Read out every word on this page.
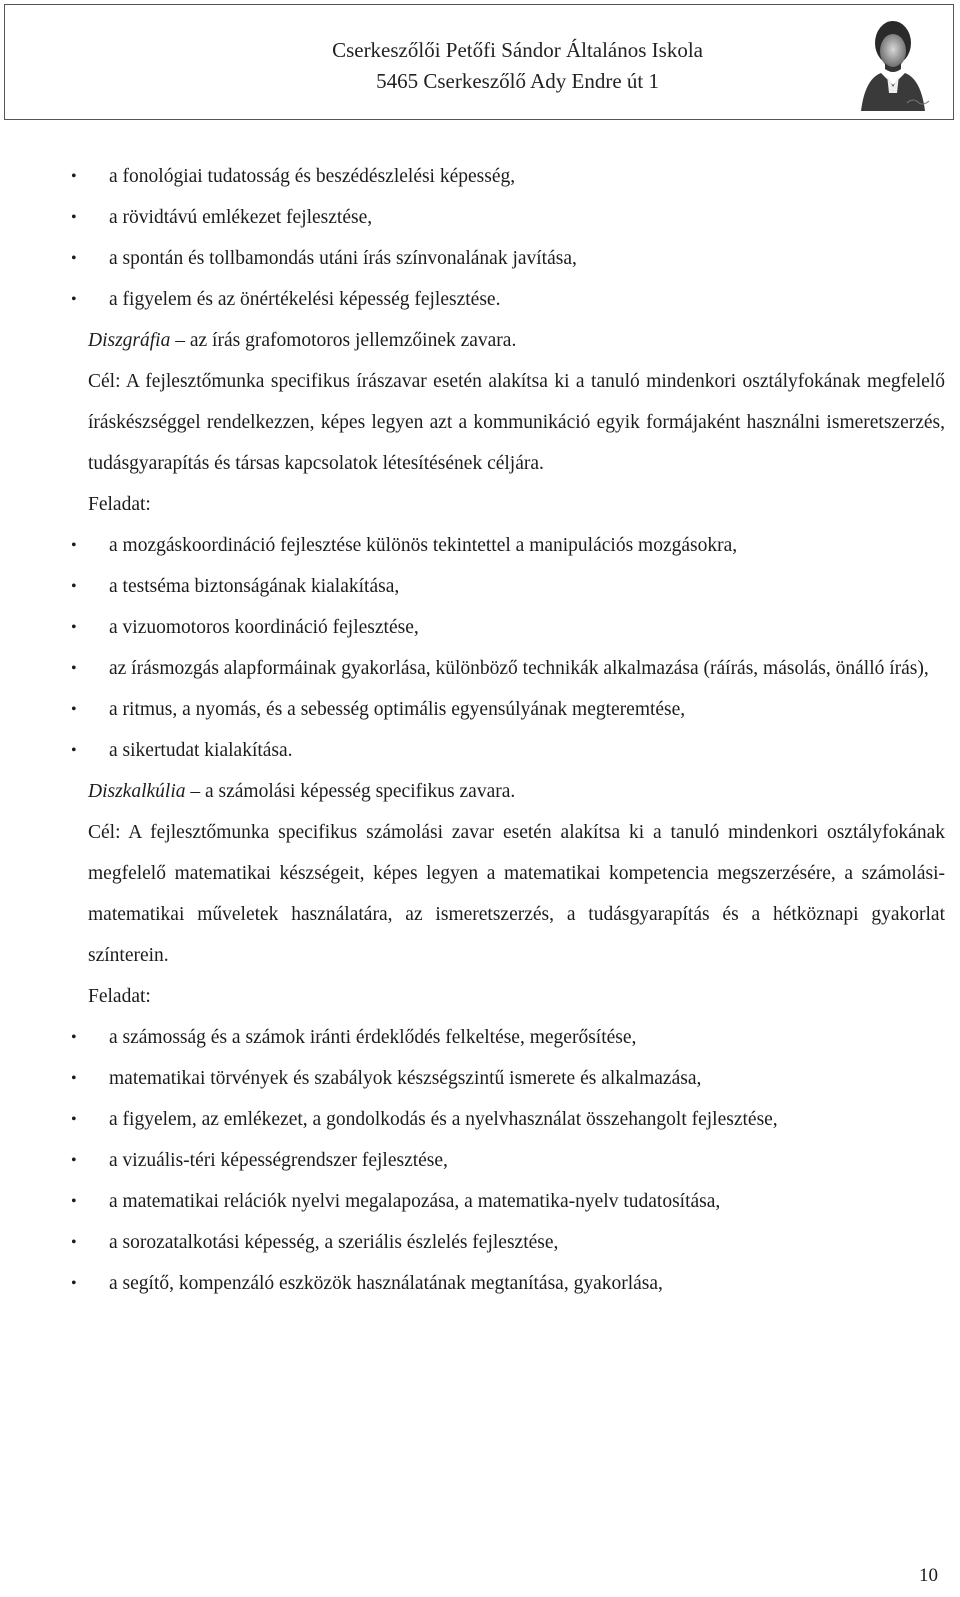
Cserkeszőlői Petőfi Sándor Általános Iskola
5465 Cserkeszőlő Ady Endre út 1
• a fonológiai tudatosság és beszédészlelési képesség,
• a rövidtávú emlékezet fejlesztése,
• a spontán és tollbamondás utáni írás színvonalának javítása,
• a figyelem és az önértékelési képesség fejlesztése.
Diszgráfia – az írás grafomotoros jellemzőinek zavara.
Cél: A fejlesztőmunka specifikus írászavar esetén alakítsa ki a tanuló mindenkori osztályfokának megfelelő íráskészséggel rendelkezzen, képes legyen azt a kommunikáció egyik formájaként használni ismeretszerzés, tudásgyarapítás és társas kapcsolatok létesítésének céljára.
Feladat:
• a mozgáskoordináció fejlesztése különös tekintettel a manipulációs mozgásokra,
• a testséma biztonságának kialakítása,
• a vizuomotoros koordináció fejlesztése,
• az írásmozgás alapformáinak gyakorlása, különböző technikák alkalmazása (ráírás, másolás, önálló írás),
• a ritmus, a nyomás, és a sebesség optimális egyensúlyának megteremtése,
• a sikertudat kialakítása.
Diszkalkúlia – a számolási képesség specifikus zavara.
Cél: A fejlesztőmunka specifikus számolási zavar esetén alakítsa ki a tanuló mindenkori osztályfokának megfelelő matematikai készségeit, képes legyen a matematikai kompetencia megszerzésére, a számolási-matematikai műveletek használatára, az ismeretszerzés, a tudásgyarapítás és a hétköznapi gyakorlat színterein.
Feladat:
• a számosság és a számok iránti érdeklődés felkeltése, megerősítése,
• matematikai törvények és szabályok készségszintű ismerete és alkalmazása,
• a figyelem, az emlékezet, a gondolkodás és a nyelvhasználat összehangolt fejlesztése,
• a vizuális-téri képességrendszer fejlesztése,
• a matematikai relációk nyelvi megalapozása, a matematika-nyelv tudatosítása,
• a sorozatalkotási képesség, a szeriális észlelés fejlesztése,
• a segítő, kompenzáló eszközök használatának megtanítása, gyakorlása,
10
